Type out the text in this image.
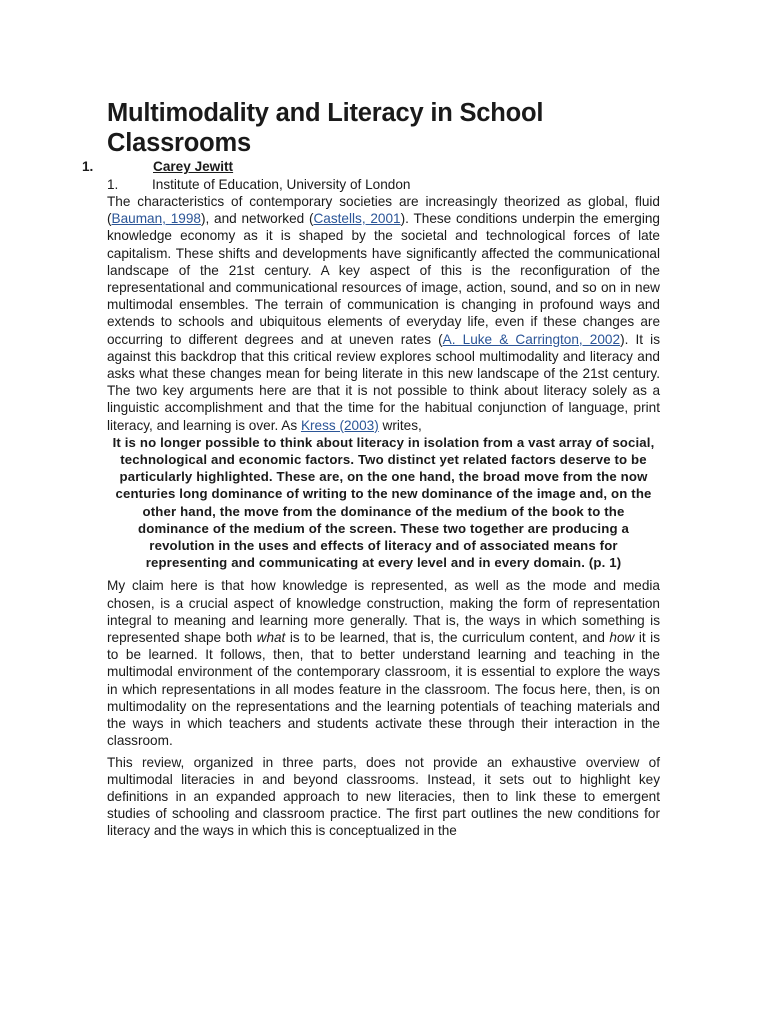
Multimodality and Literacy in School Classrooms
1.	Carey Jewitt
1. Institute of Education, University of London

The characteristics of contemporary societies are increasingly theorized as global, fluid (Bauman, 1998), and networked (Castells, 2001). These conditions underpin the emerging knowledge economy as it is shaped by the societal and technological forces of late capitalism. These shifts and developments have significantly affected the communicational landscape of the 21st century. A key aspect of this is the reconfiguration of the representational and communicational resources of image, action, sound, and so on in new multimodal ensembles. The terrain of communication is changing in profound ways and extends to schools and ubiquitous elements of everyday life, even if these changes are occurring to different degrees and at uneven rates (A. Luke & Carrington, 2002). It is against this backdrop that this critical review explores school multimodality and literacy and asks what these changes mean for being literate in this new landscape of the 21st century. The two key arguments here are that it is not possible to think about literacy solely as a linguistic accomplishment and that the time for the habitual conjunction of language, print literacy, and learning is over. As Kress (2003) writes,

It is no longer possible to think about literacy in isolation from a vast array of social, technological and economic factors. Two distinct yet related factors deserve to be particularly highlighted. These are, on the one hand, the broad move from the now centuries long dominance of writing to the new dominance of the image and, on the other hand, the move from the dominance of the medium of the book to the dominance of the medium of the screen. These two together are producing a revolution in the uses and effects of literacy and of associated means for representing and communicating at every level and in every domain. (p. 1)

My claim here is that how knowledge is represented, as well as the mode and media chosen, is a crucial aspect of knowledge construction, making the form of representation integral to meaning and learning more generally. That is, the ways in which something is represented shape both what is to be learned, that is, the curriculum content, and how it is to be learned. It follows, then, that to better understand learning and teaching in the multimodal environment of the contemporary classroom, it is essential to explore the ways in which representations in all modes feature in the classroom. The focus here, then, is on multimodality on the representations and the learning potentials of teaching materials and the ways in which teachers and students activate these through their interaction in the classroom.

This review, organized in three parts, does not provide an exhaustive overview of multimodal literacies in and beyond classrooms. Instead, it sets out to highlight key definitions in an expanded approach to new literacies, then to link these to emergent studies of schooling and classroom practice. The first part outlines the new conditions for literacy and the ways in which this is conceptualized in the
